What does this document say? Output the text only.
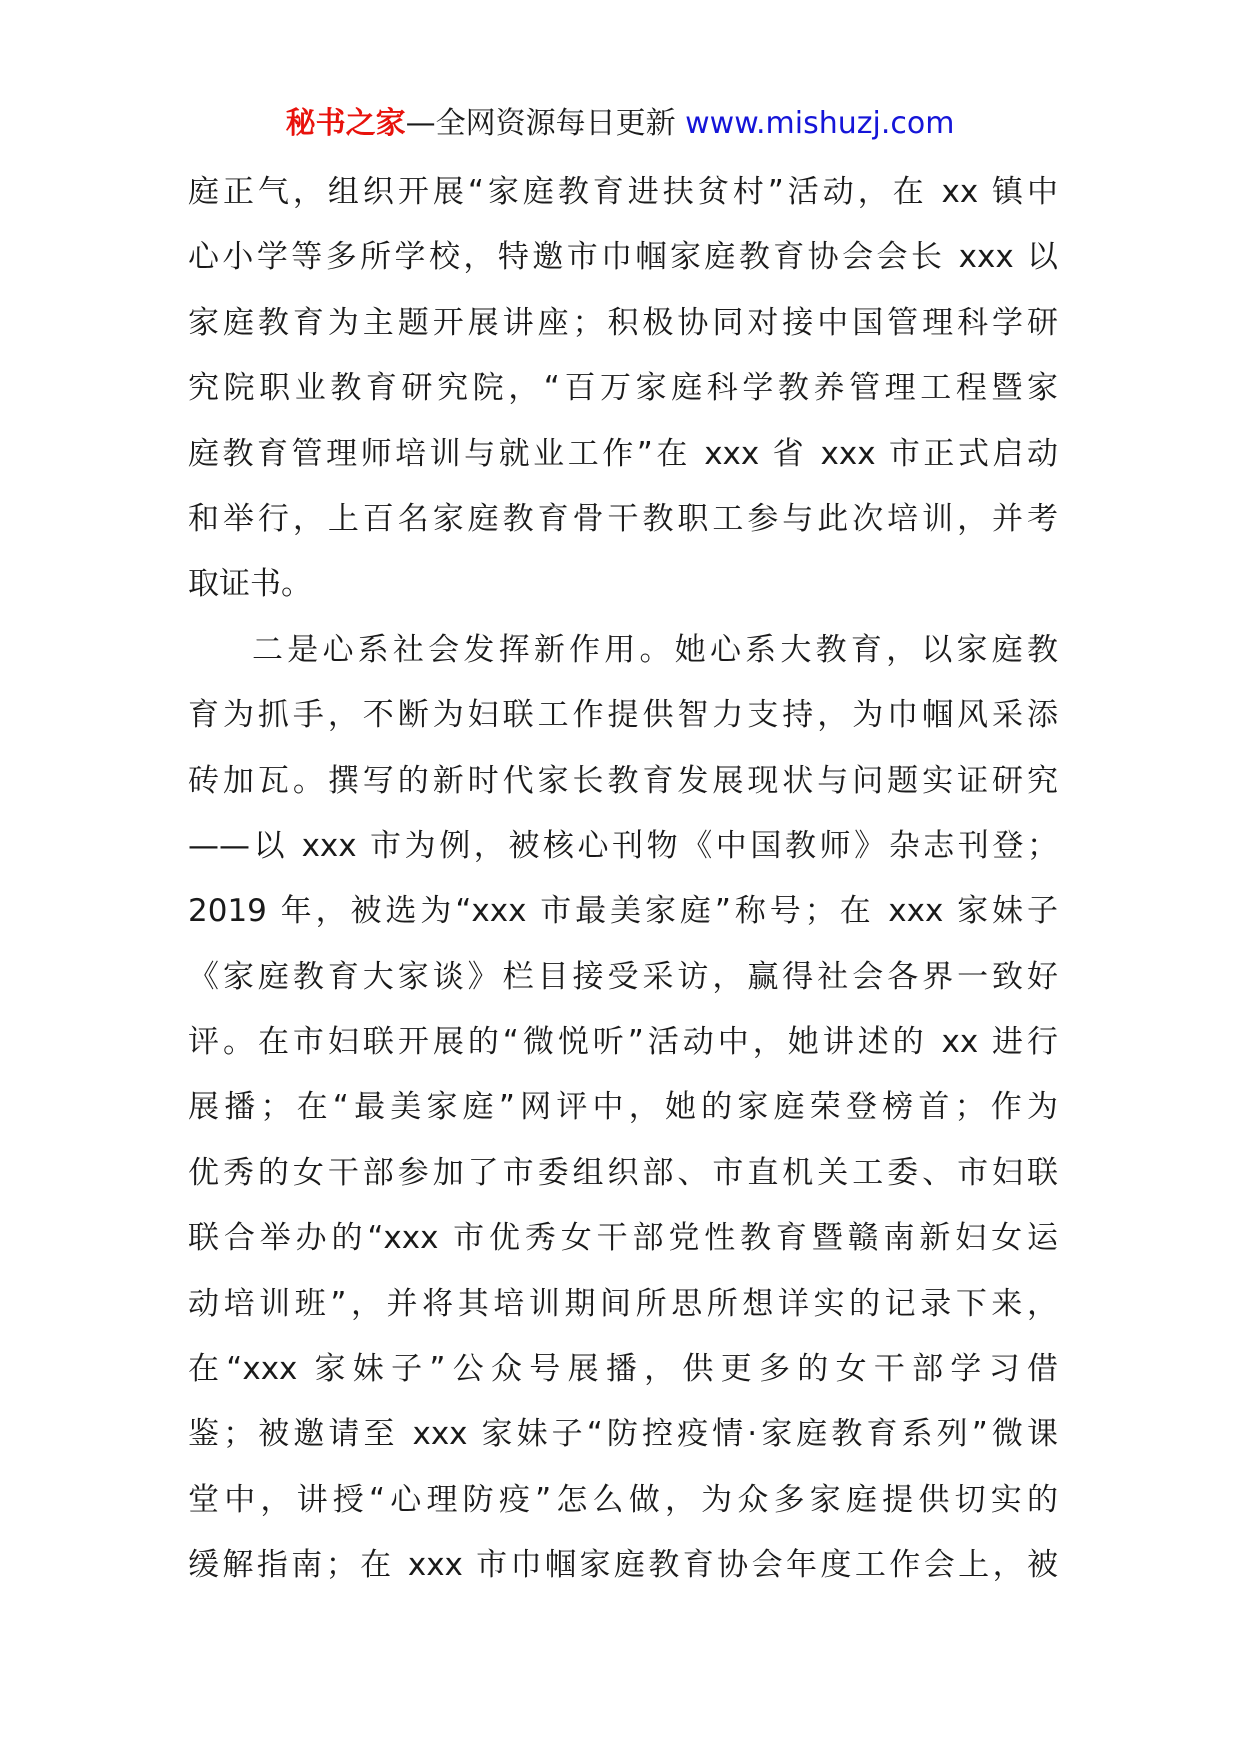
秘书之家—全网资源每日更新 www.mishuzj.com
庭正气，组织开展“家庭教育进扶贫村”活动，在 xx 镇中
心小学等多所学校，特邀市巾帼家庭教育协会会长 xxx 以
家庭教育为主题开展讲座；积极协同对接中国管理科学研
究院职业教育研究院，“百万家庭科学教养管理工程暨家
庭教育管理师培训与就业工作”在 xxx 省 xxx 市正式启动
和举行，上百名家庭教育骨干教职工参与此次培训，并考
取证书。
二是心系社会发挥新作用。她心系大教育，以家庭教
育为抓手，不断为妇联工作提供智力支持，为巾帼风采添
砖加瓦。撰写的新时代家长教育发展现状与问题实证研究
——以 xxx 市为例，被核心刊物《中国教师》杂志刊登；
2019 年，被选为“xxx 市最美家庭”称号；在 xxx 家妹子
《家庭教育大家谈》栏目接受采访，赢得社会各界一致好
评。在市妇联开展的“微悦听”活动中，她讲述的 xx 进行
展播；在“最美家庭”网评中，她的家庭荣登榜首；作为
优秀的女干部参加了市委组织部、市直机关工委、市妇联
联合举办的“xxx 市优秀女干部党性教育暨赣南新妇女运
动培训班”，并将其培训期间所思所想详实的记录下来，
在“xxx 家妹子”公众号展播，供更多的女干部学习借
鉴；被邀请至 xxx 家妹子“防控疫情·家庭教育系列”微课
堂中，讲授“心理防疫”怎么做，为众多家庭提供切实的
缓解指南；在 xxx 市巾帼家庭教育协会年度工作会上，被
